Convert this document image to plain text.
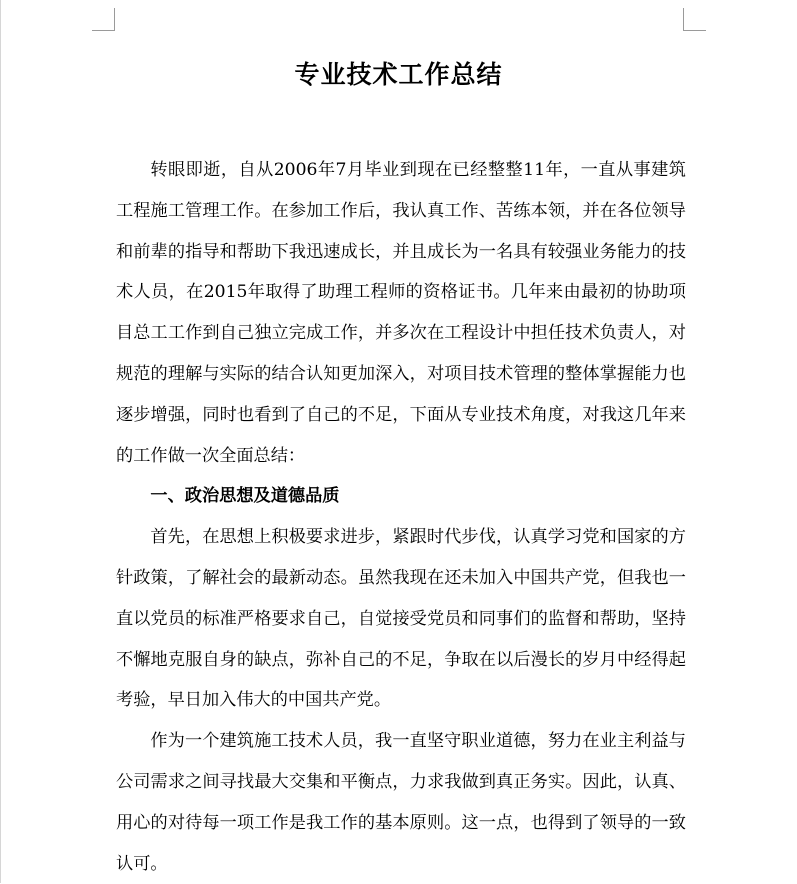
专业技术工作总结

转眼即逝，自从2006年7月毕业到现在已经整整11年，一直从事建筑工程施工管理工作。在参加工作后，我认真工作、苦练本领，并在各位领导和前辈的指导和帮助下我迅速成长，并且成长为一名具有较强业务能力的技术人员，在2015年取得了助理工程师的资格证书。几年来由最初的协助项目总工工作到自己独立完成工作，并多次在工程设计中担任技术负责人，对规范的理解与实际的结合认知更加深入，对项目技术管理的整体掌握能力也逐步增强，同时也看到了自己的不足，下面从专业技术角度，对我这几年来的工作做一次全面总结：

一、政治思想及道德品质

首先，在思想上积极要求进步，紧跟时代步伐，认真学习党和国家的方针政策，了解社会的最新动态。虽然我现在还未加入中国共产党，但我也一直以党员的标准严格要求自己，自觉接受党员和同事们的监督和帮助，坚持不懈地克服自身的缺点，弥补自己的不足，争取在以后漫长的岁月中经得起考验，早日加入伟大的中国共产党。

作为一个建筑施工技术人员，我一直坚守职业道德，努力在业主利益与公司需求之间寻找最大交集和平衡点，力求我做到真正务实。因此，认真、用心的对待每一项工作是我工作的基本原则。这一点，也得到了领导的一致认可。
